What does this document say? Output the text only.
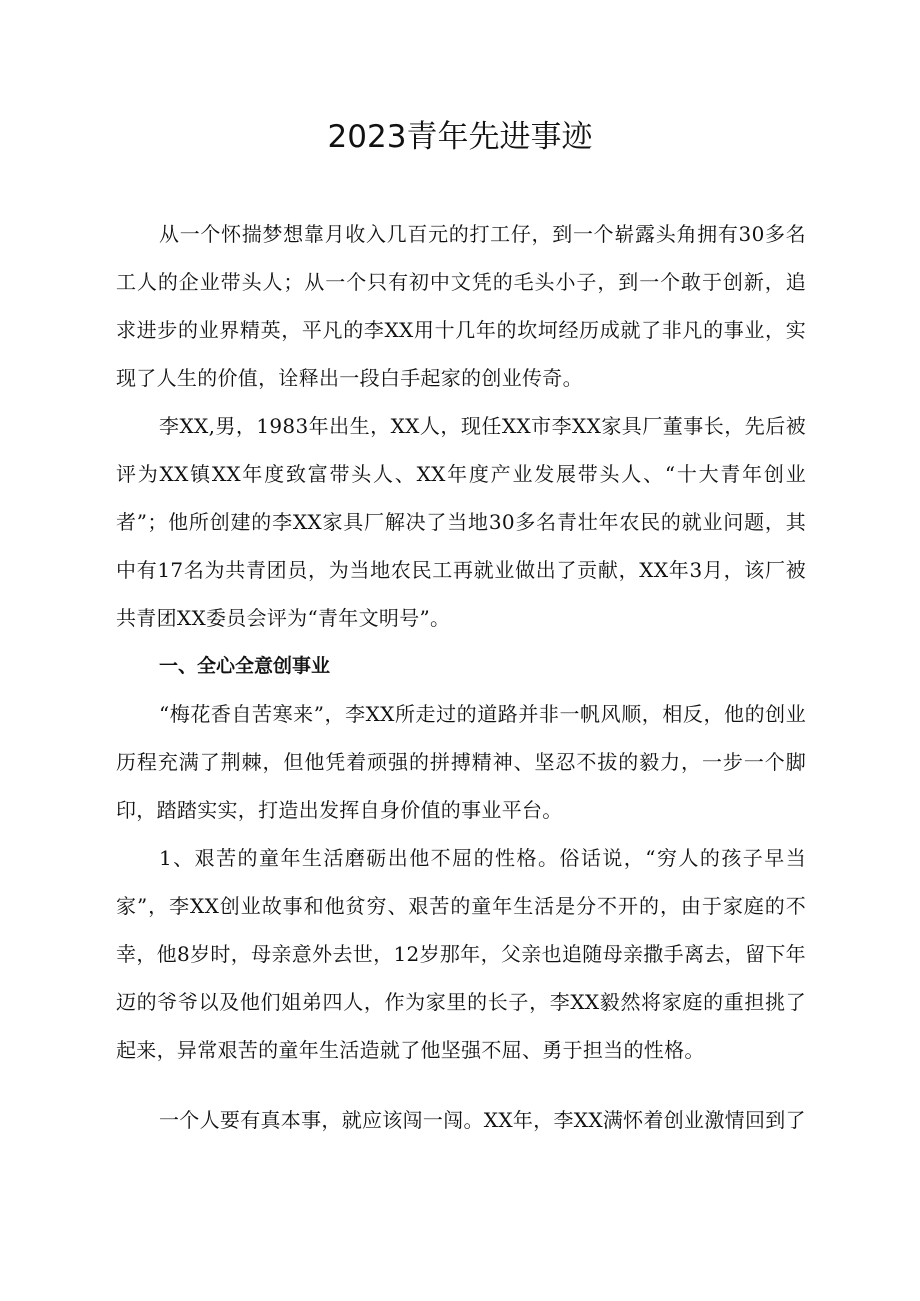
2023青年先进事迹

从一个怀揣梦想靠月收入几百元的打工仔，到一个崭露头角拥有30多名工人的企业带头人；从一个只有初中文凭的毛头小子，到一个敢于创新，追求进步的业界精英，平凡的李XX用十几年的坎坷经历成就了非凡的事业，实现了人生的价值，诠释出一段白手起家的创业传奇。

李XX,男，1983年出生，XX人，现任XX市李XX家具厂董事长，先后被评为XX镇XX年度致富带头人、XX年度产业发展带头人、“十大青年创业者”；他所创建的李XX家具厂解决了当地30多名青壮年农民的就业问题，其中有17名为共青团员，为当地农民工再就业做出了贡献，XX年3月，该厂被共青团XX委员会评为“青年文明号”。

一、全心全意创事业

“梅花香自苦寒来”，李XX所走过的道路并非一帆风顺，相反，他的创业历程充满了荆棘，但他凭着顽强的拼搏精神、坚忍不拔的毅力，一步一个脚印，踏踏实实，打造出发挥自身价值的事业平台。

1、艰苦的童年生活磨砺出他不屈的性格。俗话说，“穷人的孩子早当家”，李XX创业故事和他贫穷、艰苦的童年生活是分不开的，由于家庭的不幸，他8岁时，母亲意外去世，12岁那年，父亲也追随母亲撒手离去，留下年迈的爷爷以及他们姐弟四人，作为家里的长子，李XX毅然将家庭的重担挑了起来，异常艰苦的童年生活造就了他坚强不屈、勇于担当的性格。

一个人要有真本事，就应该闯一闯。XX年，李XX满怀着创业激情回到了
